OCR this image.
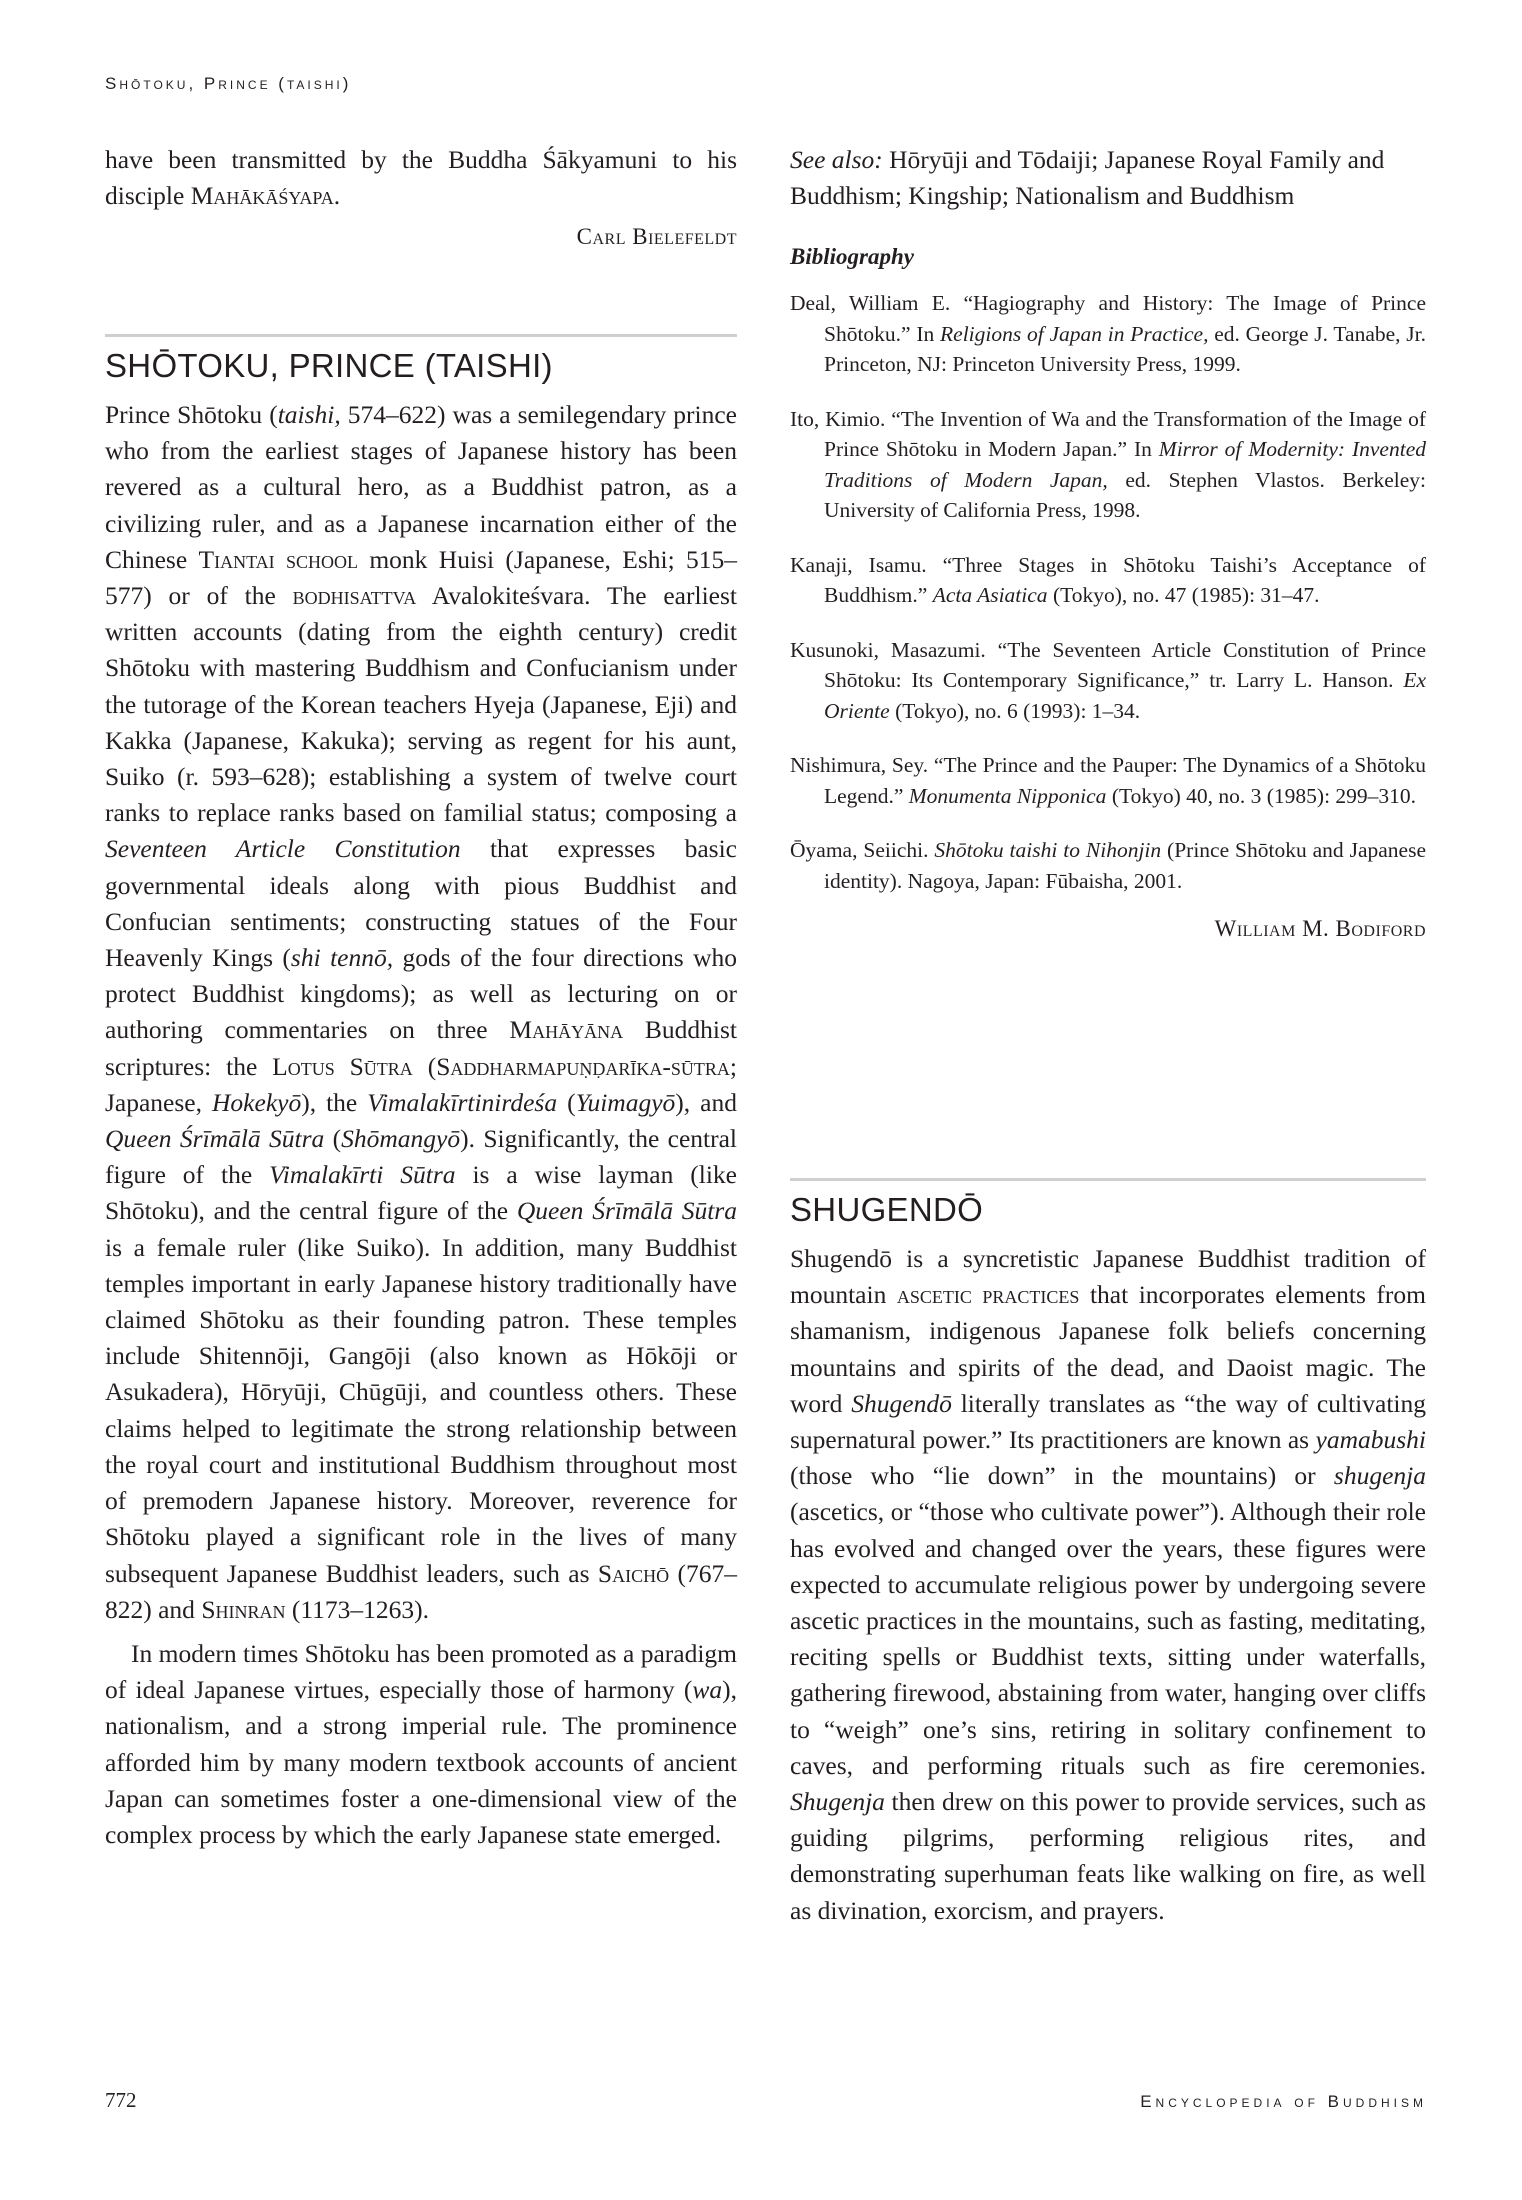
Shōtoku, Prince (taishi)

have been transmitted by the Buddha Śākyamuni to his disciple Mahākāśyapa.

Carl Bielefeldt
SHŌTOKU, PRINCE (TAISHI)

Prince Shōtoku (taishi, 574–622) was a semilegendary prince who from the earliest stages of Japanese history has been revered as a cultural hero, as a Buddhist patron, as a civilizing ruler, and as a Japanese incarnation either of the Chinese Tiantai school monk Huisi (Japanese, Eshi; 515–577) or of the bodhisattva Avalokiteśvara. The earliest written accounts (dating from the eighth century) credit Shōtoku with mastering Buddhism and Confucianism under the tutorage of the Korean teachers Hyeja (Japanese, Eji) and Kakka (Japanese, Kakuka); serving as regent for his aunt, Suiko (r. 593–628); establishing a system of twelve court ranks to replace ranks based on familial status; composing a Seventeen Article Constitution that expresses basic governmental ideals along with pious Buddhist and Confucian sentiments; constructing statues of the Four Heavenly Kings (shi tennō, gods of the four directions who protect Buddhist kingdoms); as well as lecturing on or authoring commentaries on three Mahāyāna Buddhist scriptures: the Lotus Sūtra (Saddharmapuṇḍarīka-sūtra; Japanese, Hokekyō), the Vimalakīrtinirdeśa (Yuimagyō), and Queen Śrīmālā Sūtra (Shōmangyō). Significantly, the central figure of the Vimalakīrti Sūtra is a wise layman (like Shōtoku), and the central figure of the Queen Śrīmālā Sūtra is a female ruler (like Suiko). In addition, many Buddhist temples important in early Japanese history traditionally have claimed Shōtoku as their founding patron. These temples include Shitennōji, Gangōji (also known as Hōkōji or Asukadera), Hōryūji, Chūgūji, and countless others. These claims helped to legitimate the strong relationship between the royal court and institutional Buddhism throughout most of premodern Japanese history. Moreover, reverence for Shōtoku played a significant role in the lives of many subsequent Japanese Buddhist leaders, such as Saichō (767–822) and Shinran (1173–1263).

In modern times Shōtoku has been promoted as a paradigm of ideal Japanese virtues, especially those of harmony (wa), nationalism, and a strong imperial rule. The prominence afforded him by many modern textbook accounts of ancient Japan can sometimes foster a one-dimensional view of the complex process by which the early Japanese state emerged.

See also: Hōryūji and Tōdaiji; Japanese Royal Family and Buddhism; Kingship; Nationalism and Buddhism
Bibliography

Deal, William E. “Hagiography and History: The Image of Prince Shōtoku.” In Religions of Japan in Practice, ed. George J. Tanabe, Jr. Princeton, NJ: Princeton University Press, 1999.

Ito, Kimio. “The Invention of Wa and the Transformation of the Image of Prince Shōtoku in Modern Japan.” In Mirror of Modernity: Invented Traditions of Modern Japan, ed. Stephen Vlastos. Berkeley: University of California Press, 1998.

Kanaji, Isamu. “Three Stages in Shōtoku Taishi’s Acceptance of Buddhism.” Acta Asiatica (Tokyo), no. 47 (1985): 31–47.

Kusunoki, Masazumi. “The Seventeen Article Constitution of Prince Shōtoku: Its Contemporary Significance,” tr. Larry L. Hanson. Ex Oriente (Tokyo), no. 6 (1993): 1–34.

Nishimura, Sey. “The Prince and the Pauper: The Dynamics of a Shōtoku Legend.” Monumenta Nipponica (Tokyo) 40, no. 3 (1985): 299–310.

Ōyama, Seiichi. Shōtoku taishi to Nihonjin (Prince Shōtoku and Japanese identity). Nagoya, Japan: Fūbaisha, 2001.

William M. Bodiford
SHUGENDŌ

Shugendō is a syncretistic Japanese Buddhist tradition of mountain ascetic practices that incorporates elements from shamanism, indigenous Japanese folk beliefs concerning mountains and spirits of the dead, and Daoist magic. The word Shugendō literally translates as “the way of cultivating supernatural power.” Its practitioners are known as yamabushi (those who “lie down” in the mountains) or shugenja (ascetics, or “those who cultivate power”). Although their role has evolved and changed over the years, these figures were expected to accumulate religious power by undergoing severe ascetic practices in the mountains, such as fasting, meditating, reciting spells or Buddhist texts, sitting under waterfalls, gathering firewood, abstaining from water, hanging over cliffs to “weigh” one’s sins, retiring in solitary confinement to caves, and performing rituals such as fire ceremonies. Shugenja then drew on this power to provide services, such as guiding pilgrims, performing religious rites, and demonstrating superhuman feats like walking on fire, as well as divination, exorcism, and prayers.

772	Encyclopedia of Buddhism
